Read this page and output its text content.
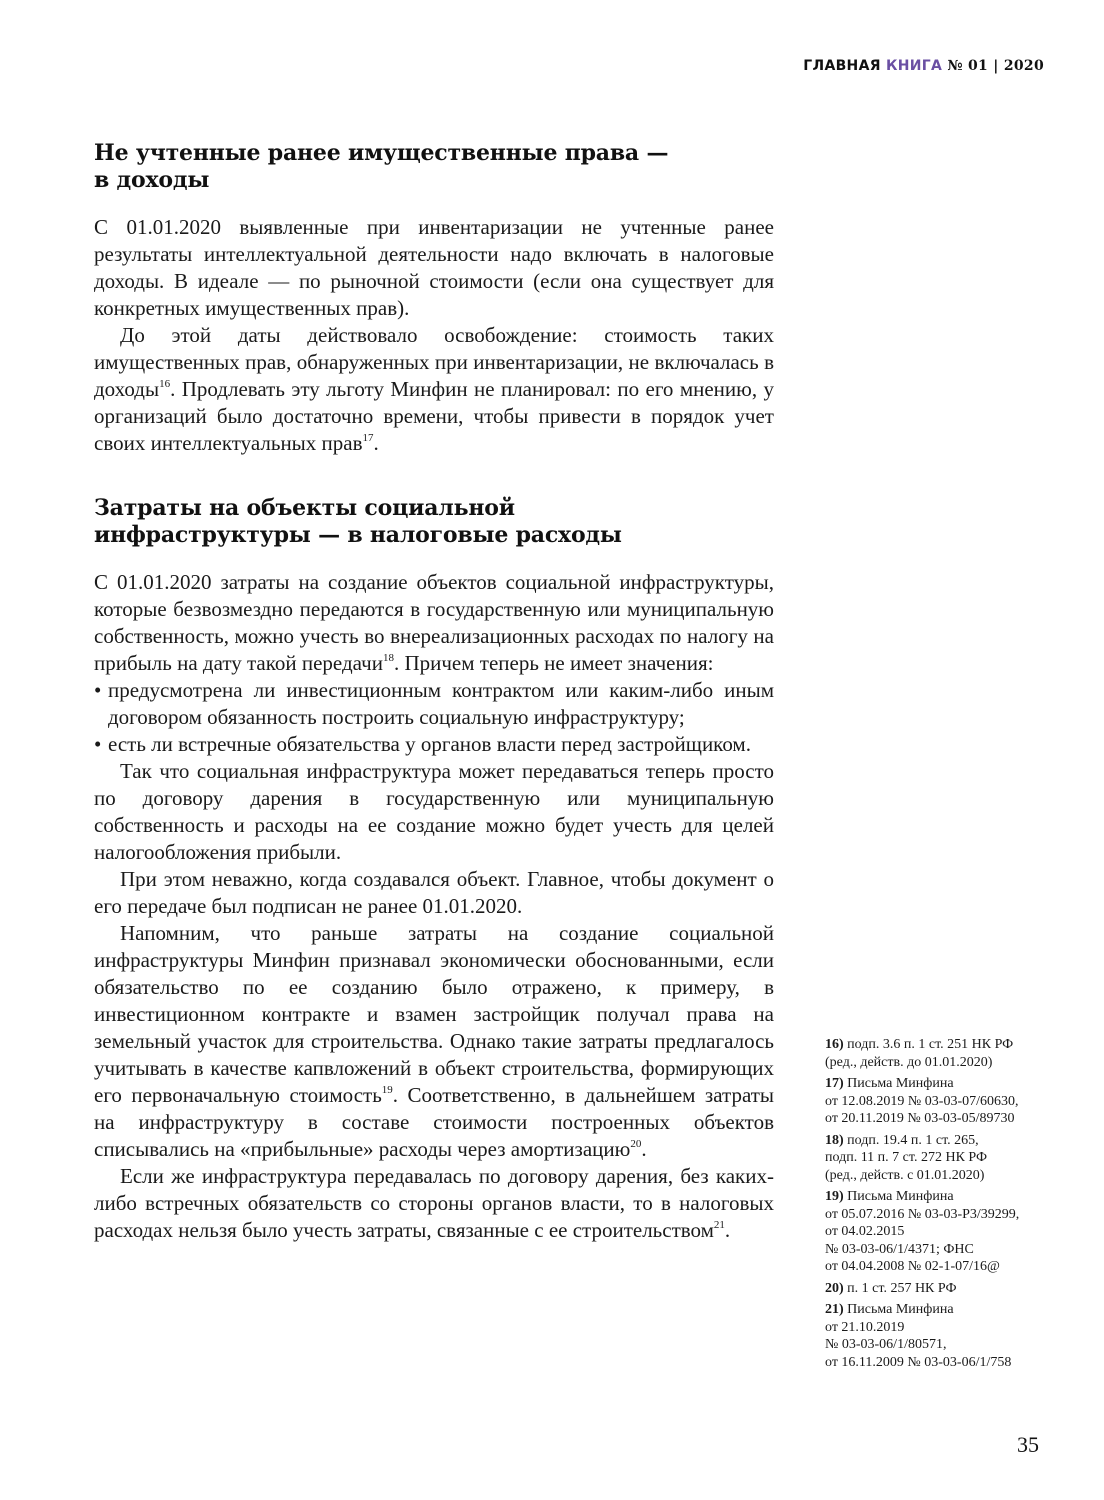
ГЛАВНАЯ КНИГА № 01 | 2020
Не учтенные ранее имущественные права —
в доходы

С 01.01.2020 выявленные при инвентаризации не учтенные ранее результаты интеллектуальной деятельности надо включать в налоговые доходы. В идеале — по рыночной стоимости (если она существует для конкретных имущественных прав).

До этой даты действовало освобождение: стоимость таких имущественных прав, обнаруженных при инвентаризации, не включалась в доходы$^{16}$. Продлевать эту льготу Минфин не планировал: по его мнению, у организаций было достаточно времени, чтобы привести в порядок учет своих интеллектуальных прав$^{17}$.

Затраты на объекты социальной
инфраструктуры — в налоговые расходы

С 01.01.2020 затраты на создание объектов социальной инфраструктуры, которые безвозмездно передаются в государственную или муниципальную собственность, можно учесть во внереализационных расходах по налогу на прибыль на дату такой передачи$^{18}$. Причем теперь не имеет значения:

• предусмотрена ли инвестиционным контрактом или каким-либо иным договором обязанность построить социальную инфраструктуру;
• есть ли встречные обязательства у органов власти перед застройщиком.

Так что социальная инфраструктура может передаваться теперь просто по договору дарения в государственную или муниципальную собственность и расходы на ее создание можно будет учесть для целей налогообложения прибыли.

При этом неважно, когда создавался объект. Главное, чтобы документ о его передаче был подписан не ранее 01.01.2020.

Напомним, что раньше затраты на создание социальной инфраструктуры Минфин признавал экономически обоснованными, если обязательство по ее созданию было отражено, к примеру, в инвестиционном контракте и взамен застройщик получал права на земельный участок для строительства. Однако такие затраты предлагалось учитывать в качестве капвложений в объект строительства, формирующих его первоначальную стоимость$^{19}$. Соответственно, в дальнейшем затраты на инфраструктуру в составе стоимости построенных объектов списывались на «прибыльные» расходы через амортизацию$^{20}$.

Если же инфраструктура передавалась по договору дарения, без каких-либо встречных обязательств со стороны органов власти, то в налоговых расходах нельзя было учесть затраты, связанные с ее строительством$^{21}$.

16) подп. 3.6 п. 1 ст. 251 НК РФ
(ред., действ. до 01.01.2020)
17) Письма Минфина
от 12.08.2019 № 03-03-07/60630,
от 20.11.2019 № 03-03-05/89730
18) подп. 19.4 п. 1 ст. 265,
подп. 11 п. 7 ст. 272 НК РФ
(ред., действ. с 01.01.2020)
19) Письма Минфина
от 05.07.2016 № 03-03-Р3/39299,
от 04.02.2015
№ 03-03-06/1/4371; ФНС
от 04.04.2008 № 02-1-07/16@
20) п. 1 ст. 257 НК РФ
21) Письма Минфина
от 21.10.2019
№ 03-03-06/1/80571,
от 16.11.2009 № 03-03-06/1/758
35
